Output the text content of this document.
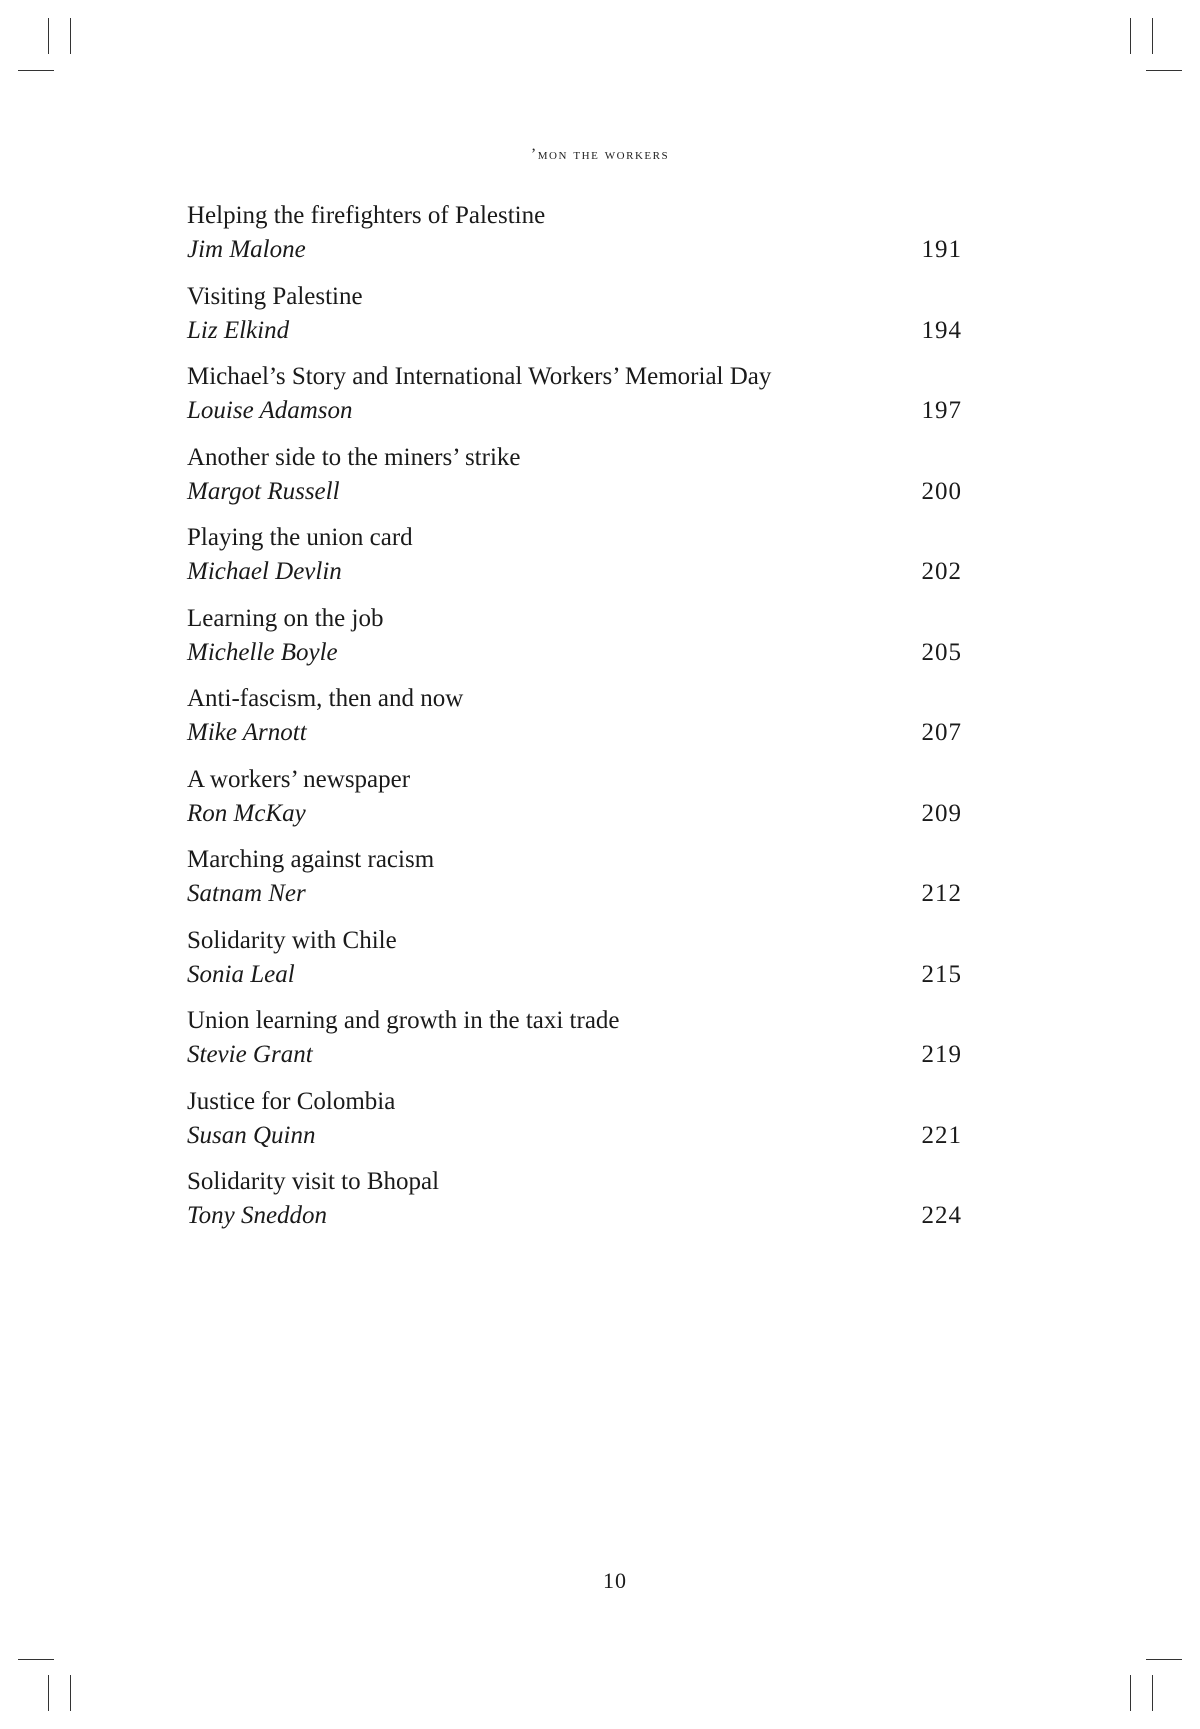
’mon the workers
Helping the firefighters of Palestine
Jim Malone	191
Visiting Palestine
Liz Elkind	194
Michael’s Story and International Workers’ Memorial Day
Louise Adamson	197
Another side to the miners’ strike
Margot Russell	200
Playing the union card
Michael Devlin	202
Learning on the job
Michelle Boyle	205
Anti-fascism, then and now
Mike Arnott	207
A workers’ newspaper
Ron McKay	209
Marching against racism
Satnam Ner	212
Solidarity with Chile
Sonia Leal	215
Union learning and growth in the taxi trade
Stevie Grant	219
Justice for Colombia
Susan Quinn	221
Solidarity visit to Bhopal
Tony Sneddon	224
10
